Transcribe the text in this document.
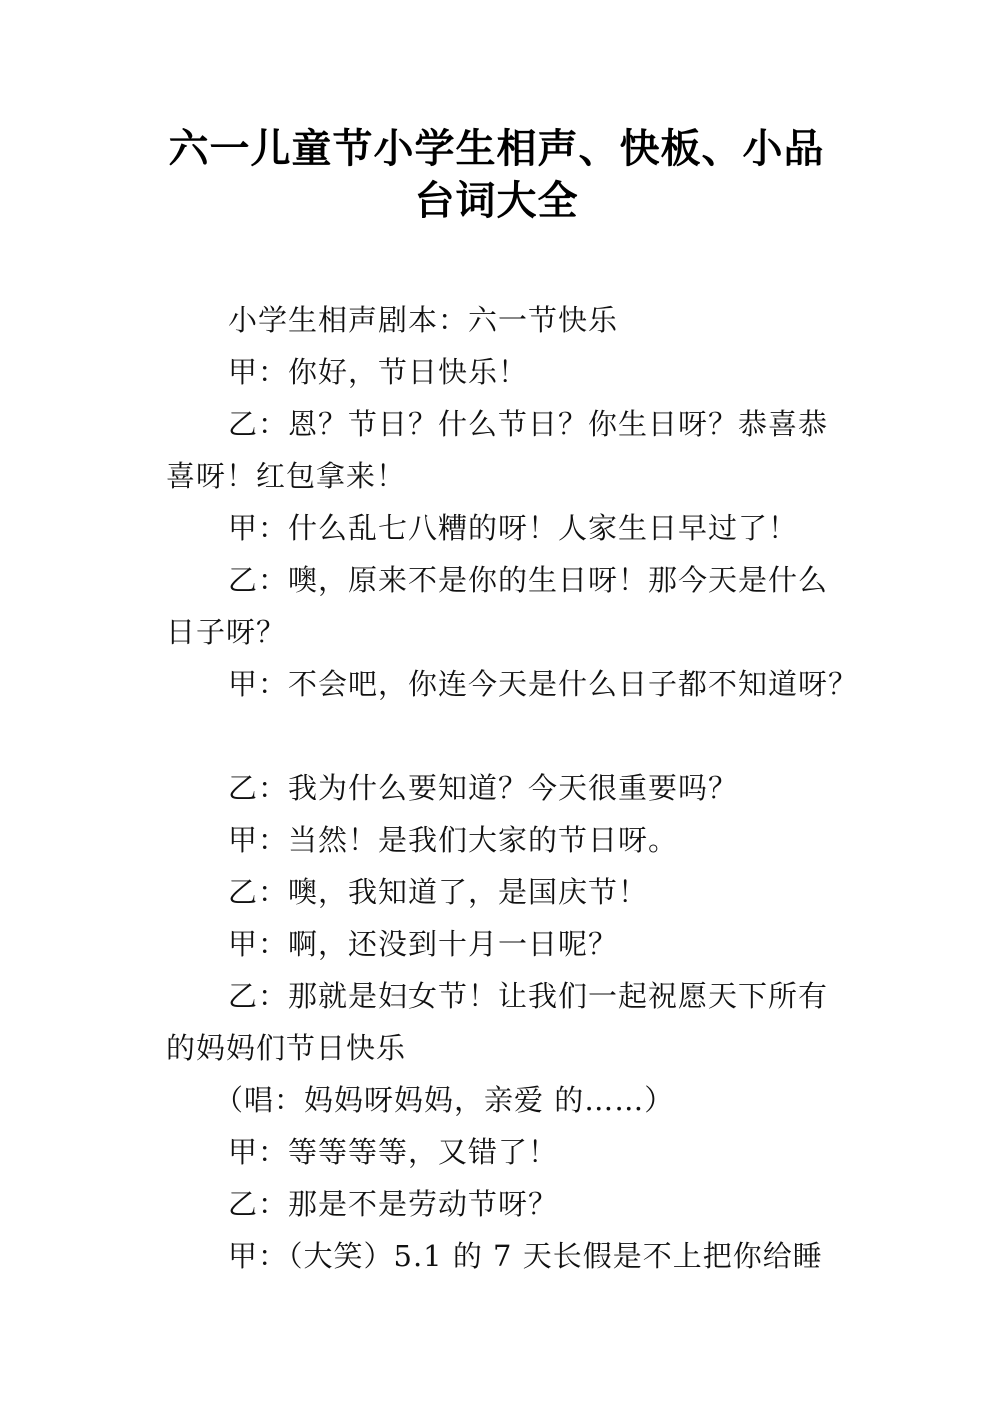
六一儿童节小学生相声、快板、小品
台词大全
小学生相声剧本：六一节快乐
甲：你好，节日快乐！
乙：恩？节日？什么节日？你生日呀？恭喜恭
喜呀！红包拿来！
甲：什么乱七八糟的呀！人家生日早过了！
乙：噢，原来不是你的生日呀！那今天是什么
日子呀？
甲：不会吧，你连今天是什么日子都不知道呀？
乙：我为什么要知道？今天很重要吗？
甲：当然！是我们大家的节日呀。
乙：噢，我知道了，是国庆节！
甲：啊，还没到十月一日呢？
乙：那就是妇女节！让我们一起祝愿天下所有
的妈妈们节日快乐
（唱：妈妈呀妈妈，亲爱 的……）
甲：等等等等，又错了！
乙：那是不是劳动节呀？
甲：（大笑）5.1 的 7 天长假是不上把你给睡
